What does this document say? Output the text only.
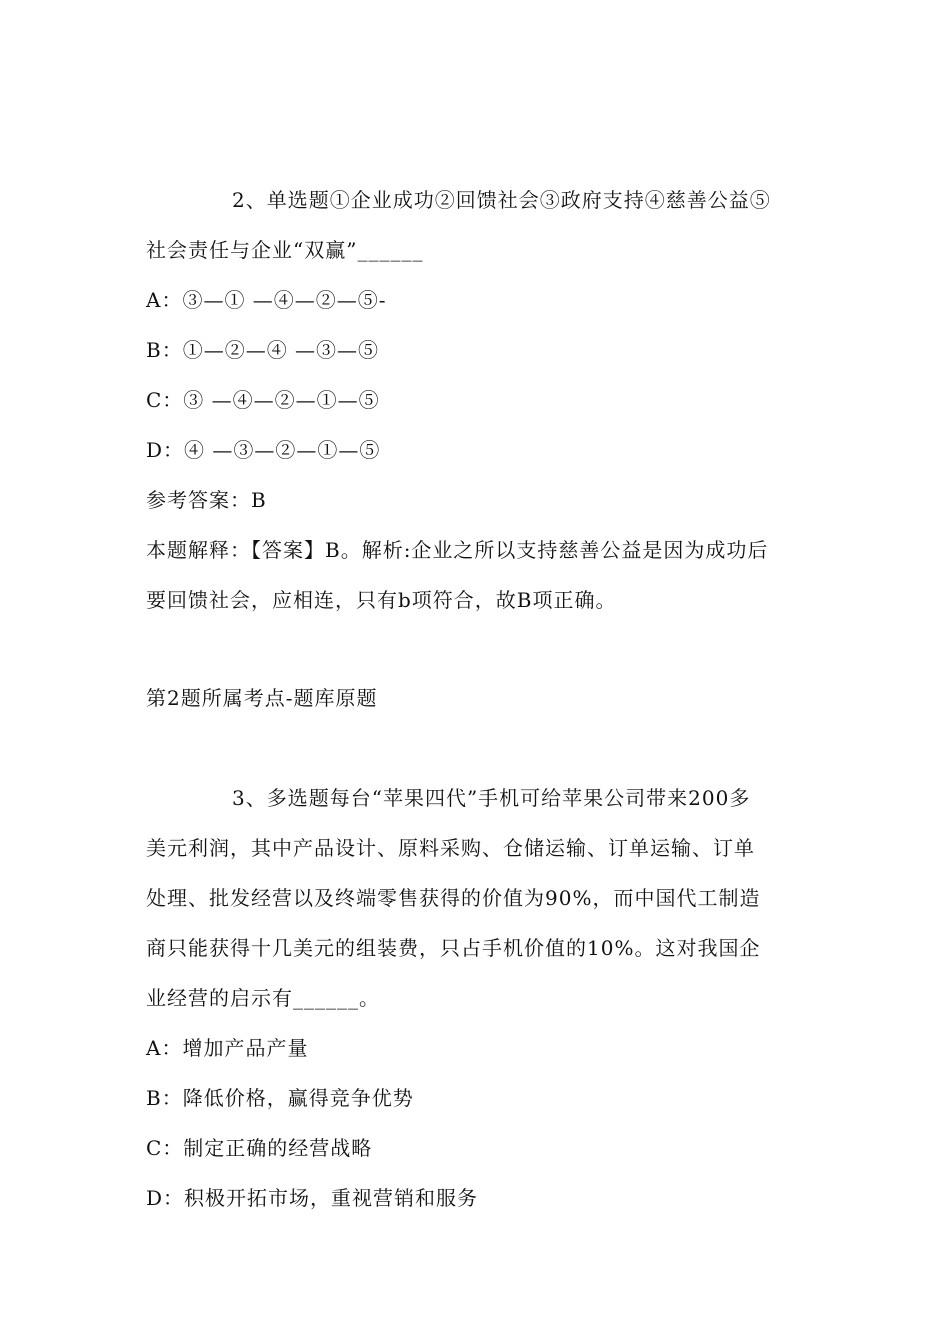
2、单选题①企业成功②回馈社会③政府支持④慈善公益⑤
社会责任与企业“双赢”______
A：③—① —④—②—⑤-
B：①—②—④ —③—⑤
C：③ —④—②—①—⑤
D：④ —③—②—①—⑤
参考答案：B
本题解释：【答案】B。解析:企业之所以支持慈善公益是因为成功后
要回馈社会，应相连，只有b项符合，故B项正确。
第2题所属考点-题库原题
3、多选题每台“苹果四代”手机可给苹果公司带来200多
美元利润，其中产品设计、原料采购、仓储运输、订单运输、订单
处理、批发经营以及终端零售获得的价值为90%，而中国代工制造
商只能获得十几美元的组装费，只占手机价值的10%。这对我国企
业经营的启示有______。
A：增加产品产量
B：降低价格，赢得竞争优势
C：制定正确的经营战略
D：积极开拓市场，重视营销和服务
